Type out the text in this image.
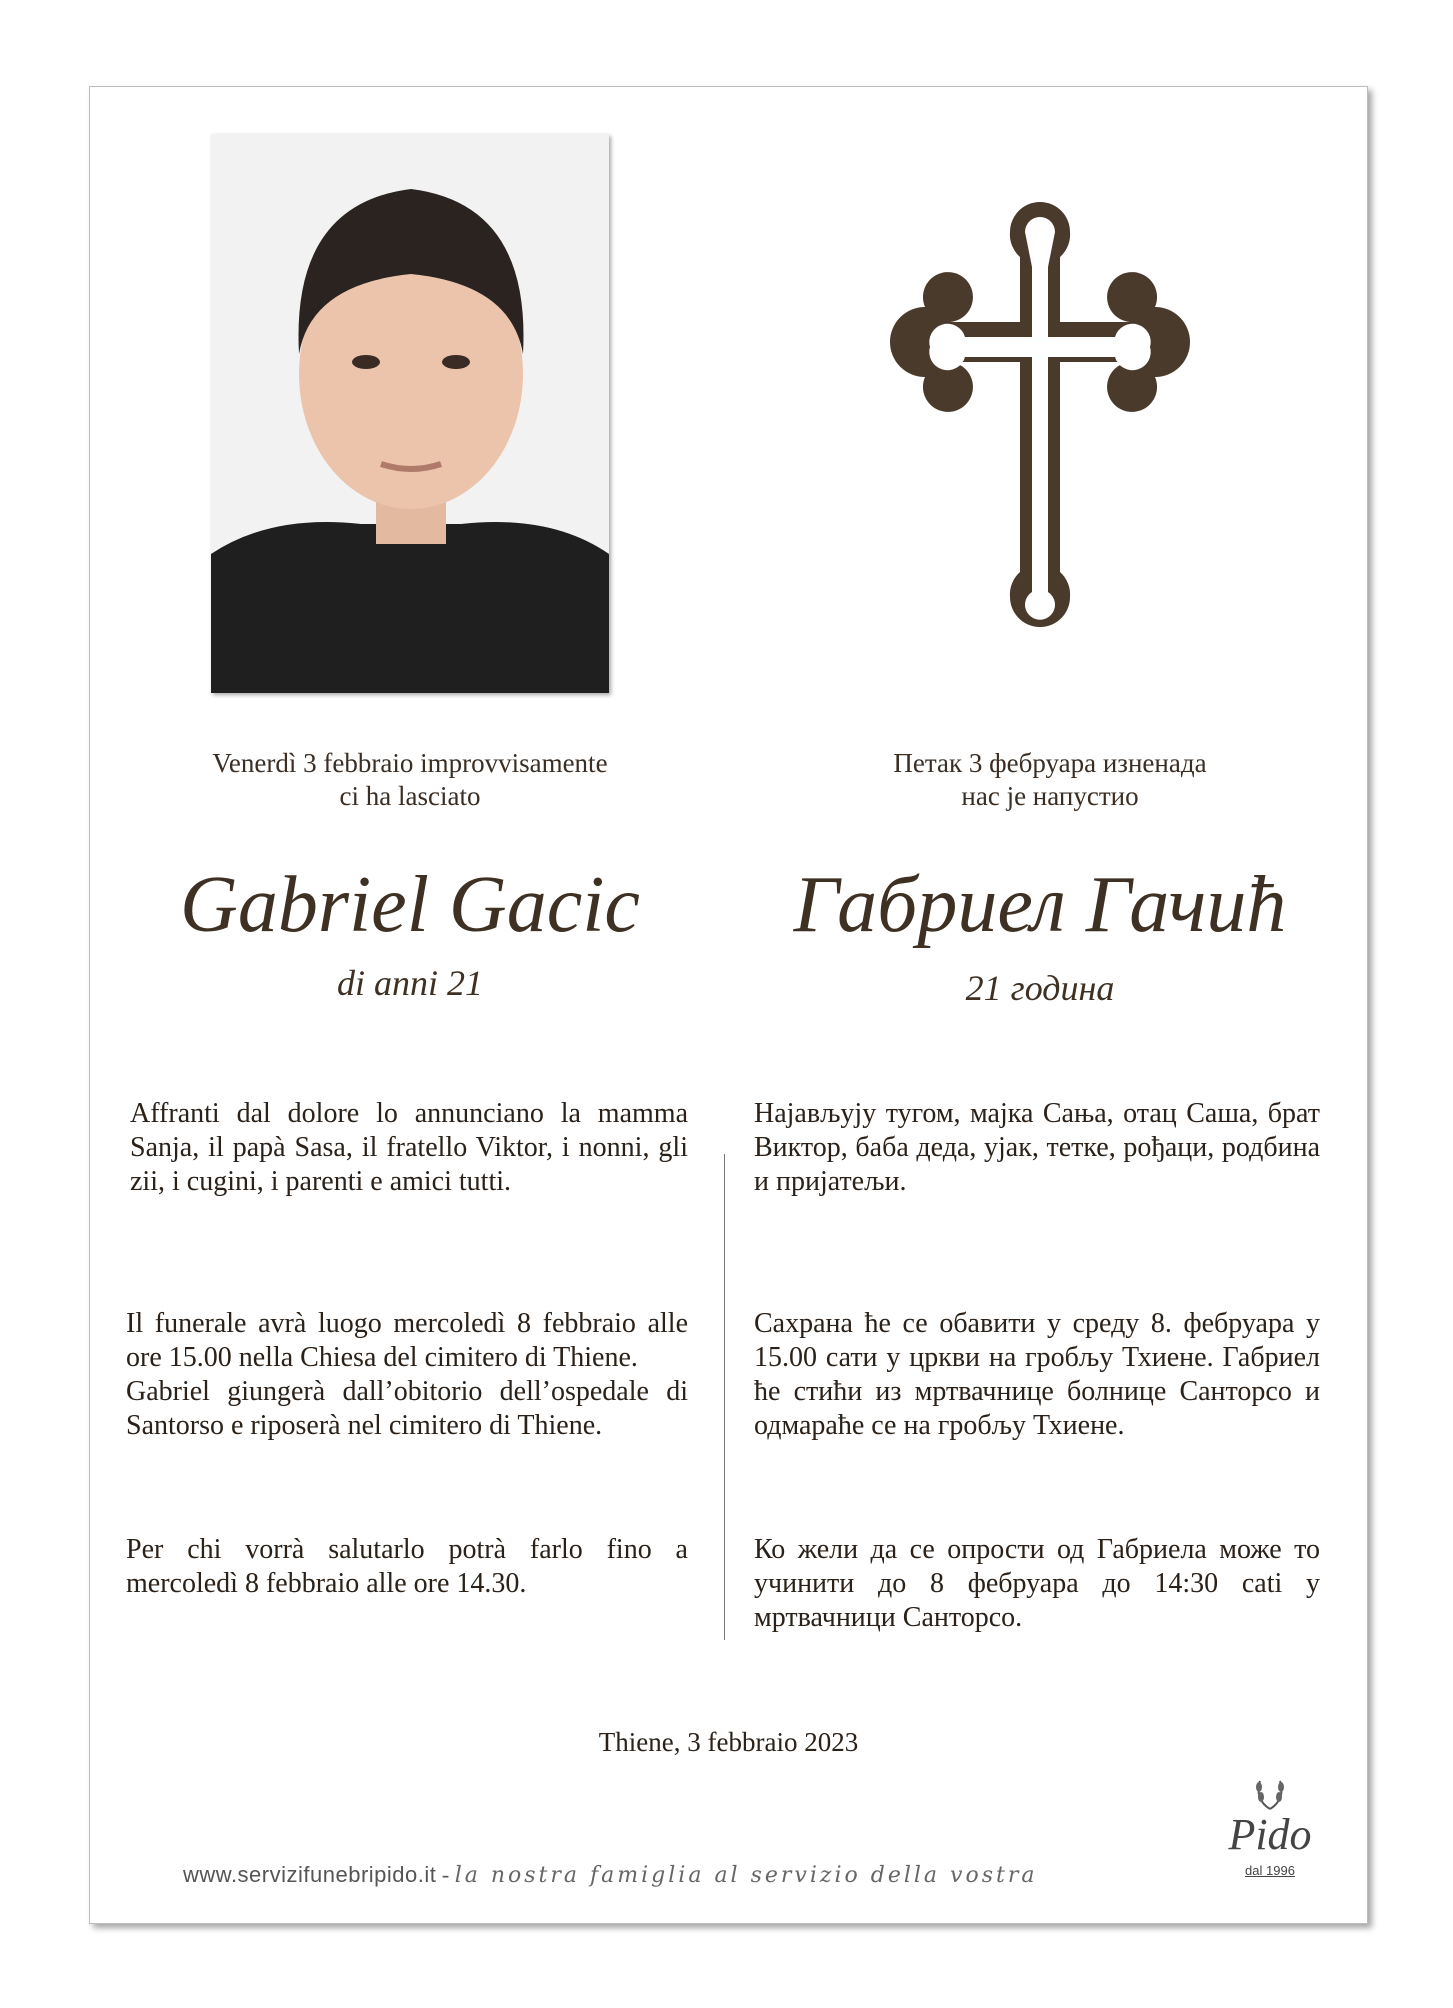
Venerdì 3 febbraio improvvisamente
ci ha lasciato
Петак 3 фебруара изненада
нас је напустио
Gabriel Gacic	Габриел Гачић
di anni 21	21 година

Affranti dal dolore lo annunciano la mamma Sanja, il papà Sasa, il fratello Viktor, i nonni, gli zii, i cugini, i parenti e amici tutti.

Најављују тугом, мајка Сања, отац Саша, брат Виктор, баба деда, ујак, тетке, рођаци, родбина и пријатељи.

Il funerale avrà luogo mercoledì 8 febbraio alle ore 15.00 nella Chiesa del cimitero di Thiene.

Gabriel giungerà dall’obitorio dell’ospedale di Santorso e riposerà nel cimitero di Thiene.

Сахрана ће се обавити у среду 8. фебруара у 15.00 сати у цркви на гробљу Тхиене. Габриел ће стићи из мртвачнице болнице Санторсо и одмараће се на гробљу Тхиене.

Per chi vorrà salutarlo potrà farlo fino a mercoledì 8 febbraio alle ore 14.30.

Ко жели да се опрости од Габриела може то учинити до 8 фебруара до 14:30 сati у мртвачници Санторсо.

Thiene, 3 febbraio 2023
www.servizifunebripido.it - la nostra famiglia al servizio della vostra
Pido
dal 1996
